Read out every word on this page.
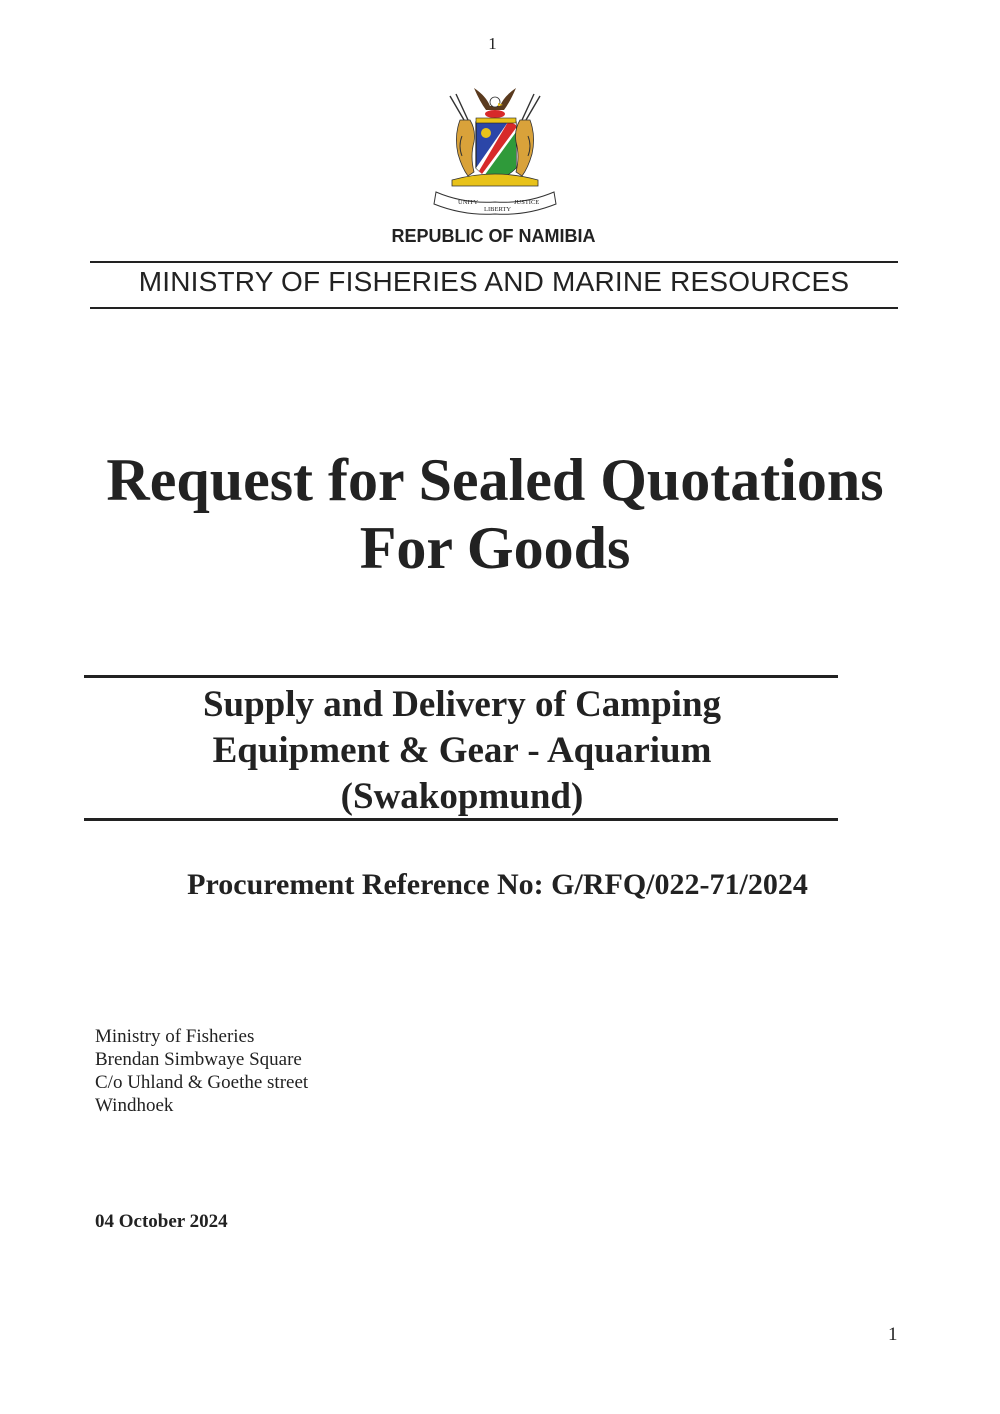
1
UNITY
LIBERTY
JUSTICE
REPUBLIC OF NAMIBIA
MINISTRY OF FISHERIES AND MARINE RESOURCES
Request for Sealed Quotations
For Goods
Supply and Delivery of Camping
Equipment & Gear - Aquarium
(Swakopmund)
Procurement Reference No: G/RFQ/022-71/2024
Ministry of Fisheries
Brendan Simbwaye Square
C/o Uhland & Goethe street
Windhoek
04 October 2024
1
